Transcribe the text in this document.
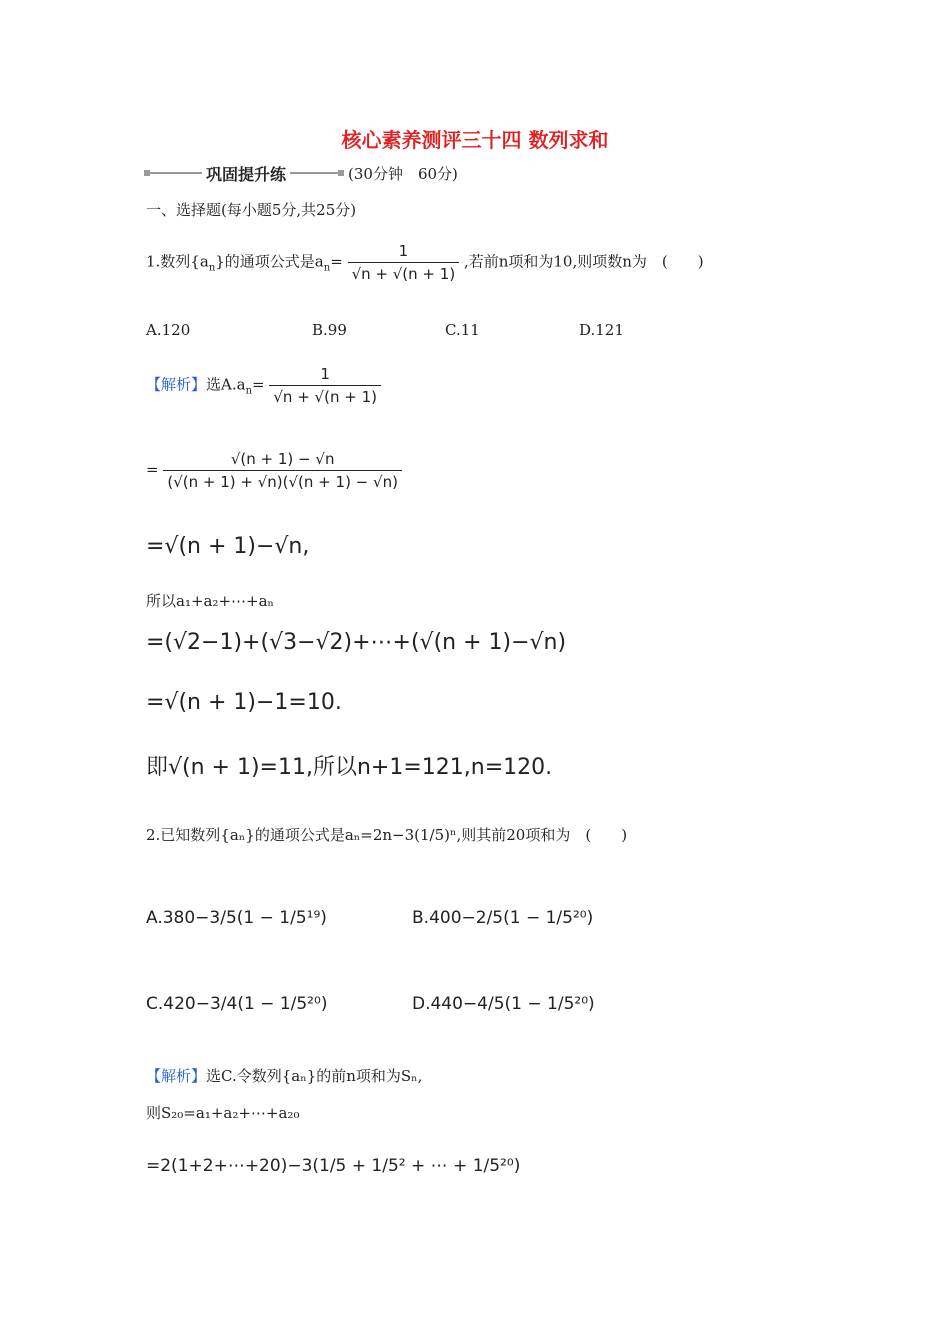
核心素养测评三十四 数列求和
巩固提升练	(30分钟　60分)
一、选择题(每小题5分,共25分)
1.数列$\{a_n\}$的通项公式是$a_n= \frac{1}{√n + √(n + 1)}$ ,若前n项和为10,则项数n为　(　　)
A.120	B.99	C.11	D.121
【解析】选$A.a_n= \frac{1}{√n + √(n + 1)}$
= $\frac{√(n + 1) - √n}{(√(n + 1) + √n)(√(n + 1) - √n)}$
=√(n + 1)−√n,
所以a₁+a₂+⋯+aₙ
=(√2−1)+(√3−√2)+⋯+(√(n + 1)−√n)
=√(n + 1)−1=10.
即√(n + 1)=11,所以n+1=121,n=120.
2.已知数列{aₙ}的通项公式是aₙ=2n−3(1/5)ⁿ,则其前20项和为　(　　)
A.380−3/5(1 − 1/5¹⁹)	B.400−2/5(1 − 1/5²⁰)
C.420−3/4(1 − 1/5²⁰)	D.440−4/5(1 − 1/5²⁰)
【解析】选C.令数列{aₙ}的前n项和为Sₙ,
则S₂₀=a₁+a₂+⋯+a₂₀
=2(1+2+⋯+20)−3(1/5 + 1/5² + ⋯ + 1/5²⁰)
